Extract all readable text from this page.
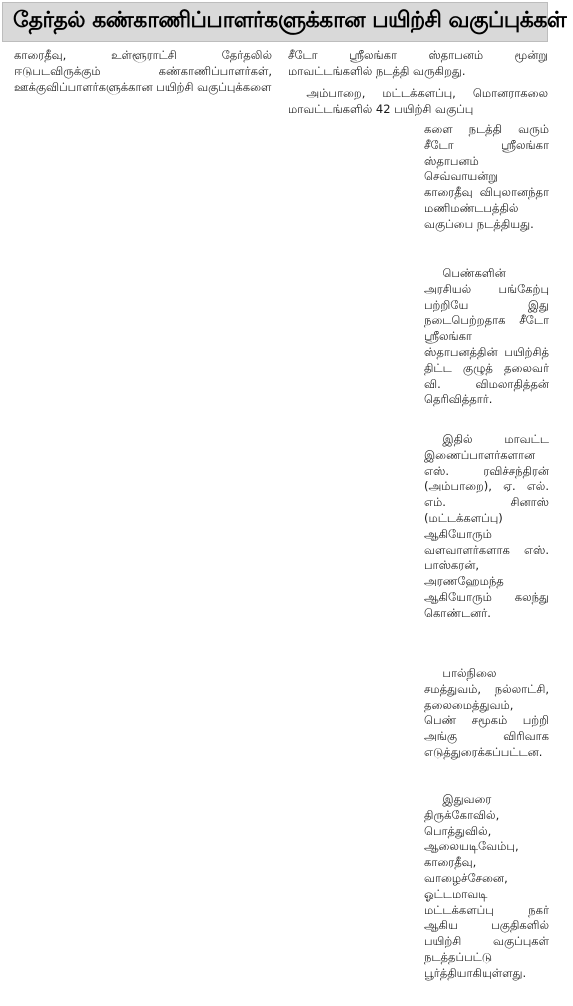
தேர்தல் கண்காணிப்பாளர்களுக்கான பயிற்சி வகுப்புக்கள்

காரைதீவு, உள்ளூராட்சி தேர்தலில் ஈடுபடவிருக்கும் கண்காணிப்பாளர்கள், ஊக்குவிப்பாளர்களுக்கான பயிற்சி வகுப்புக்களை

சீடோ ஸ்ரீலங்கா ஸ்தாபனம் மூன்று மாவட்டங்களில் நடத்தி வருகிறது.

அம்பாறை, மட்டக்களப்பு, மொனராகலை மாவட்டங்களில் 42 பயிற்சி வகுப்பு

களை நடத்தி வரும் சீடோ ஸ்ரீலங்கா ஸ்தாபனம் செவ்வாயன்று காரைதீவு விபுலானந்தா மணிமண்டபத்தில் வகுப்பை நடத்தியது.

பெண்களின் அரசியல் பங்கேற்பு பற்றியே இது நடைபெற்றதாக சீடோ ஸ்ரீலங்கா ஸ்தாபனத்தின் பயிற்சித் திட்ட குழுத் தலைவர் வி. விமலாதித்தன் தெரிவித்தார்.

இதில் மாவட்ட இணைப்பாளர்களான எஸ். ரவிச்சந்திரன் (அம்பாறை), ஏ. எல். எம். சினாஸ் (மட்டக்களப்பு) ஆகியோரும் வளவாளர்களாக எஸ். பாஸ்கரன், அரணஹேமந்த ஆகியோரும் கலந்து கொண்டனர்.

பால்நிலை சமத்துவம், நல்லாட்சி, தலைமைத்துவம், பெண் சமூகம் பற்றி அங்கு விரிவாக எடுத்துரைக்கப்பட்டன.

இதுவரை திருக்கோவில், பொத்துவில், ஆலையடிவேம்பு, காரைதீவு, வாழைச்சேனை, ஓட்டமாவடி மட்டக்களப்பு நகர் ஆகிய பகுதிகளில் பயிற்சி வகுப்புகள் நடத்தப்பட்டு பூர்த்தியாகியுள்ளது.
